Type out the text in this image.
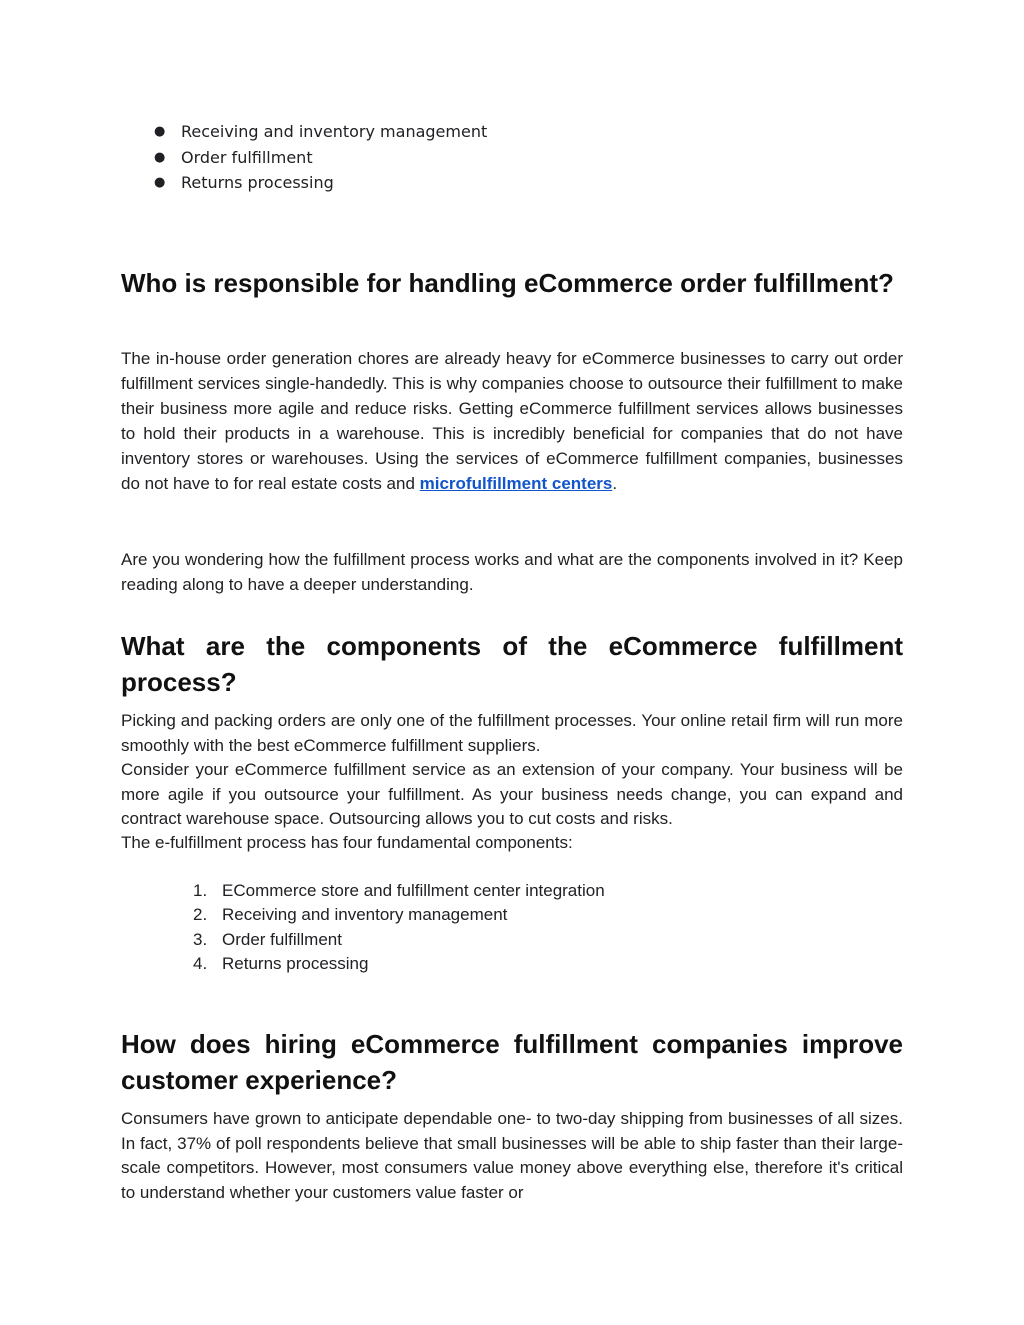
● Receiving and inventory management
● Order fulfillment
● Returns processing
Who is responsible for handling eCommerce order fulfillment?

The in-house order generation chores are already heavy for eCommerce businesses to carry out order fulfillment services single-handedly. This is why companies choose to outsource their fulfillment to make their business more agile and reduce risks. Getting eCommerce fulfillment services allows businesses to hold their products in a warehouse. This is incredibly beneficial for companies that do not have inventory stores or warehouses. Using the services of eCommerce fulfillment companies, businesses do not have to for real estate costs and microfulfillment centers.

Are you wondering how the fulfillment process works and what are the components involved in it? Keep reading along to have a deeper understanding.

What are the components of the eCommerce fulfillment process?

Picking and packing orders are only one of the fulfillment processes. Your online retail firm will run more smoothly with the best eCommerce fulfillment suppliers.

Consider your eCommerce fulfillment service as an extension of your company. Your business will be more agile if you outsource your fulfillment. As your business needs change, you can expand and contract warehouse space. Outsourcing allows you to cut costs and risks.

The e-fulfillment process has four fundamental components:

1. ECommerce store and fulfillment center integration
2. Receiving and inventory management
3. Order fulfillment
4. Returns processing
How does hiring eCommerce fulfillment companies improve customer experience?

Consumers have grown to anticipate dependable one- to two-day shipping from businesses of all sizes. In fact, 37% of poll respondents believe that small businesses will be able to ship faster than their large-scale competitors. However, most consumers value money above everything else, therefore it's critical to understand whether your customers value faster or
